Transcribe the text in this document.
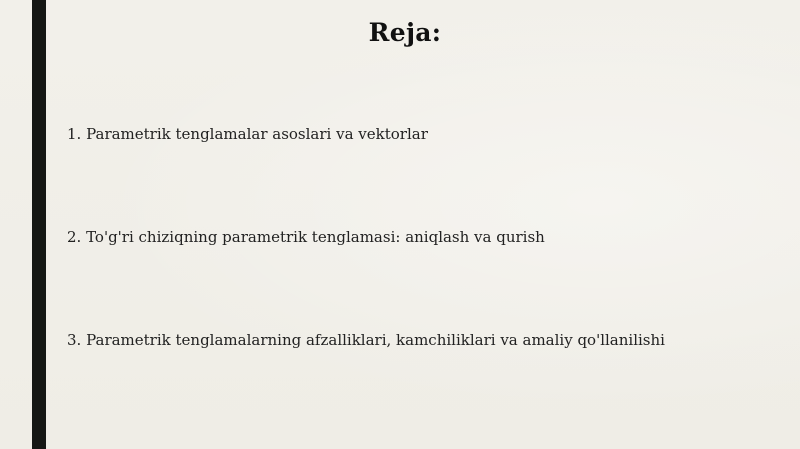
Reja:
1. Parametrik tenglamalar asoslari va vektorlar
2. To'g'ri chiziqning parametrik tenglamasi: aniqlash va qurish
3. Parametrik tenglamalarning afzalliklari, kamchiliklari va amaliy qo'llanilishi
